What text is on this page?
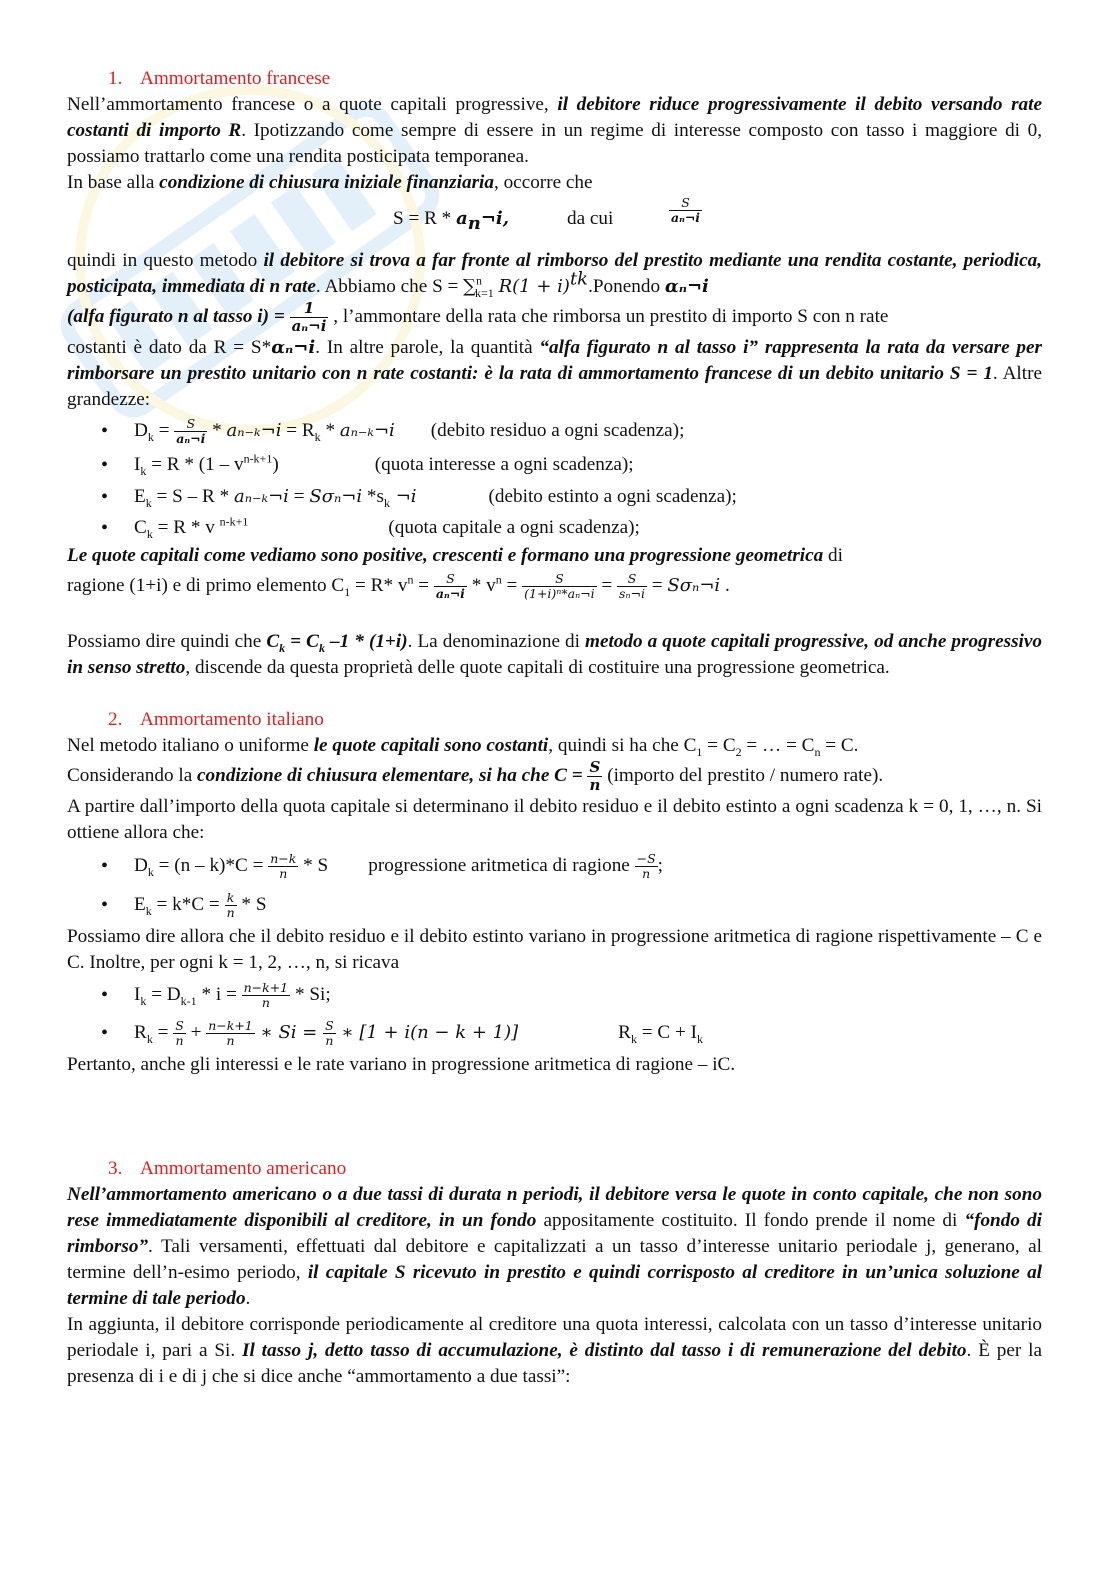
1. Ammortamento francese

Nell’ammortamento francese o a quote capitali progressive, il debitore riduce progressivamente il debito versando rate costanti di importo R. Ipotizzando come sempre di essere in un regime di interesse composto con tasso i maggiore di 0, possiamo trattarlo come una rendita posticipata temporanea.

In base alla condizione di chiusura iniziale finanziaria, occorre che

$S = R * a_n\neg i$,	da cui	$\frac{S}{\text{aₙ¬i}}$

quindi in questo metodo il debitore si trova a far fronte al rimborso del prestito mediante una rendita costante, periodica, posticipata, immediata di n rate. Abbiamo che S = ∑$^n_{k=1}$ $R(1 + i)^{tk}.Ponendo$ αₙ¬i

(alfa figurato n al tasso $i) = \frac{1}{\text{aₙ¬i}}$ , l’ammontare della rata che rimborsa un prestito di importo S con n rate

costanti è dato da R = S*αₙ¬i. In altre parole, la quantità “alfa figurato n al tasso i” rappresenta la rata da versare per rimborsare un prestito unitario con n rate costanti: è la rata di ammortamento francese di un debito unitario S = 1. Altre grandezze:

• $D_k = \frac{S}{\text{aₙ¬i}}$ * aₙ₋ₖ¬i = $R_k$ * aₙ₋ₖ¬i (debito residuo a ogni scadenza);
• $I_k = R * (1 - v^{n-k+1})$	(quota interesse a ogni scadenza);
• $E_k = S - R$ * aₙ₋ₖ¬i = Sσₙ¬i $*s_k$ ¬i	(debito estinto a ogni scadenza);
• $C_k = R * v$ $^{n-k+1}$	(quota capitale a ogni scadenza);

Le quote capitali come vediamo sono positive, crescenti e formano una progressione geometrica di

ragione (1+i) e di primo elemento $C_1 = R*$ $v^n = \frac{S}{\text{aₙ¬i}} * v^n = \frac{S}{\text{(1+i)ⁿ*aₙ¬i}} = \frac{S}{\text{sₙ¬i}}$ = Sσₙ¬i .

Possiamo dire quindi che $C_k = C_k$ –1 * (1+i). La denominazione di metodo a quote capitali progressive, od anche progressivo in senso stretto, discende da questa proprietà delle quote capitali di costituire una progressione geometrica.

2. Ammortamento italiano

Nel metodo italiano o uniforme le quote capitali sono costanti, quindi si ha che $C_1 = C_2$ = … = $C_n = C$.

Considerando la condizione di chiusura elementare, si ha che $C = \frac{S}{n}$ (importo del prestito / numero rate).

A partire dall’importo della quota capitale si determinano il debito residuo e il debito estinto a ogni scadenza k = 0, 1, …, n. Si ottiene allora che:

• $D_k = (n - k)*C = \frac{n-k}{n} * S$ progressione aritmetica di ragione $\frac{-S}{n}$ ;
• $E_k = k*C = \frac{k}{n} * S$

Possiamo dire allora che il debito residuo e il debito estinto variano in progressione aritmetica di ragione rispettivamente – C e C. Inoltre, per ogni k = 1, 2, …, n, si ricava

• $I_k = D_{k-1} * i = \frac{n-k+1}{n} * Si$;
• $R_k = \frac{S}{n} + \frac{n-k+1}{n}$ ∗ $Si = \frac{S}{n}$ ∗ [1 + i(n − k + 1)]	$R_k = C + I_k$

Pertanto, anche gli interessi e le rate variano in progressione aritmetica di ragione – iC.

3. Ammortamento americano

Nell’ammortamento americano o a due tassi di durata n periodi, il debitore versa le quote in conto capitale, che non sono rese immediatamente disponibili al creditore, in un fondo appositamente costituito. Il fondo prende il nome di “fondo di rimborso”. Tali versamenti, effettuati dal debitore e capitalizzati a un tasso d’interesse unitario periodale j, generano, al termine dell’n-esimo periodo, il capitale S ricevuto in prestito e quindi corrisposto al creditore in un’unica soluzione al termine di tale periodo.

In aggiunta, il debitore corrisponde periodicamente al creditore una quota interessi, calcolata con un tasso d’interesse unitario periodale i, pari a Si. Il tasso j, detto tasso di accumulazione, è distinto dal tasso i di remunerazione del debito. È per la presenza di i e di j che si dice anche “ammortamento a due tassi”:
